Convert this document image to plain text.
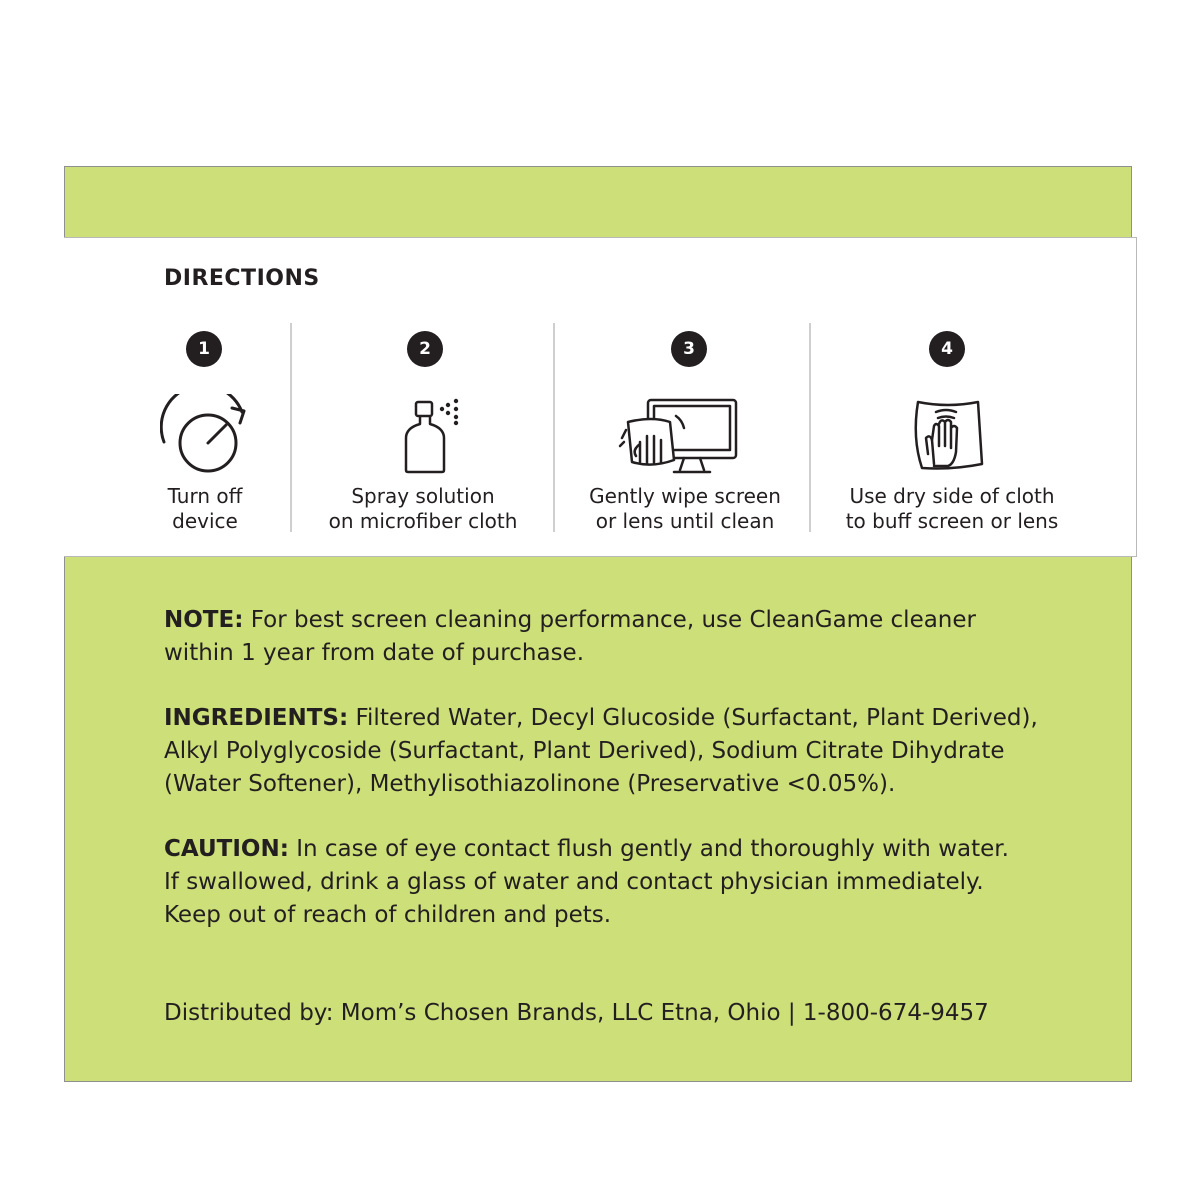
DIRECTIONS
1
Turn off
device
2
Spray solution
on microfiber cloth
3
Gently wipe screen
or lens until clean
4
Use dry side of cloth
to buff screen or lens
NOTE: For best screen cleaning performance, use CleanGame cleaner
within 1 year from date of purchase.
INGREDIENTS: Filtered Water, Decyl Glucoside (Surfactant, Plant Derived),
Alkyl Polyglycoside (Surfactant, Plant Derived), Sodium Citrate Dihydrate
(Water Softener), Methylisothiazolinone (Preservative <0.05%).
CAUTION: In case of eye contact flush gently and thoroughly with water.
If swallowed, drink a glass of water and contact physician immediately.
Keep out of reach of children and pets.
Distributed by: Mom’s Chosen Brands, LLC Etna, Ohio | 1-800-674-9457
